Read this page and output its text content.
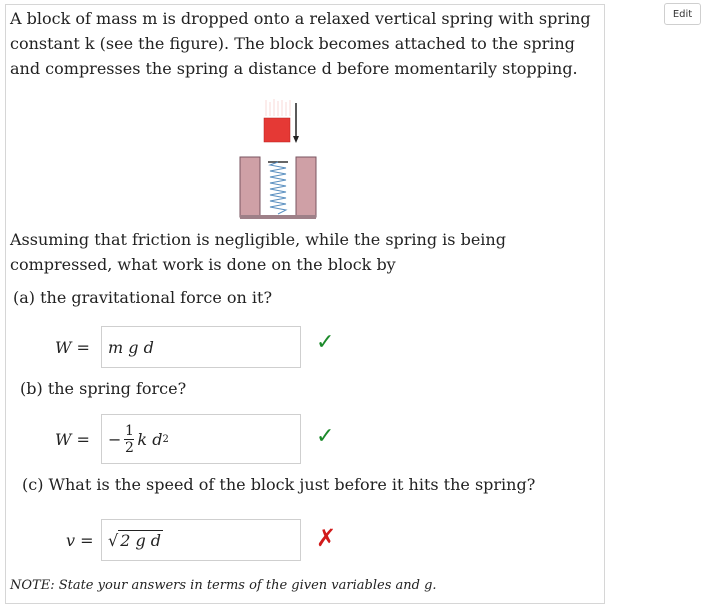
Edit
A block of mass m is dropped onto a relaxed vertical spring with spring constant k (see the figure). The block becomes attached to the spring and compresses the spring a distance d before momentarily stopping.
Assuming that friction is negligible, while the spring is being compressed, what work is done on the block by
(a) the gravitational force on it?
W = m g d	✓
(b) the spring force?
W = − $\frac{1}{2}$ k d 2	✓
(c) What is the speed of the block just before it hits the spring?
v = √ 2 g d	✗
NOTE: State your answers in terms of the given variables and g.
